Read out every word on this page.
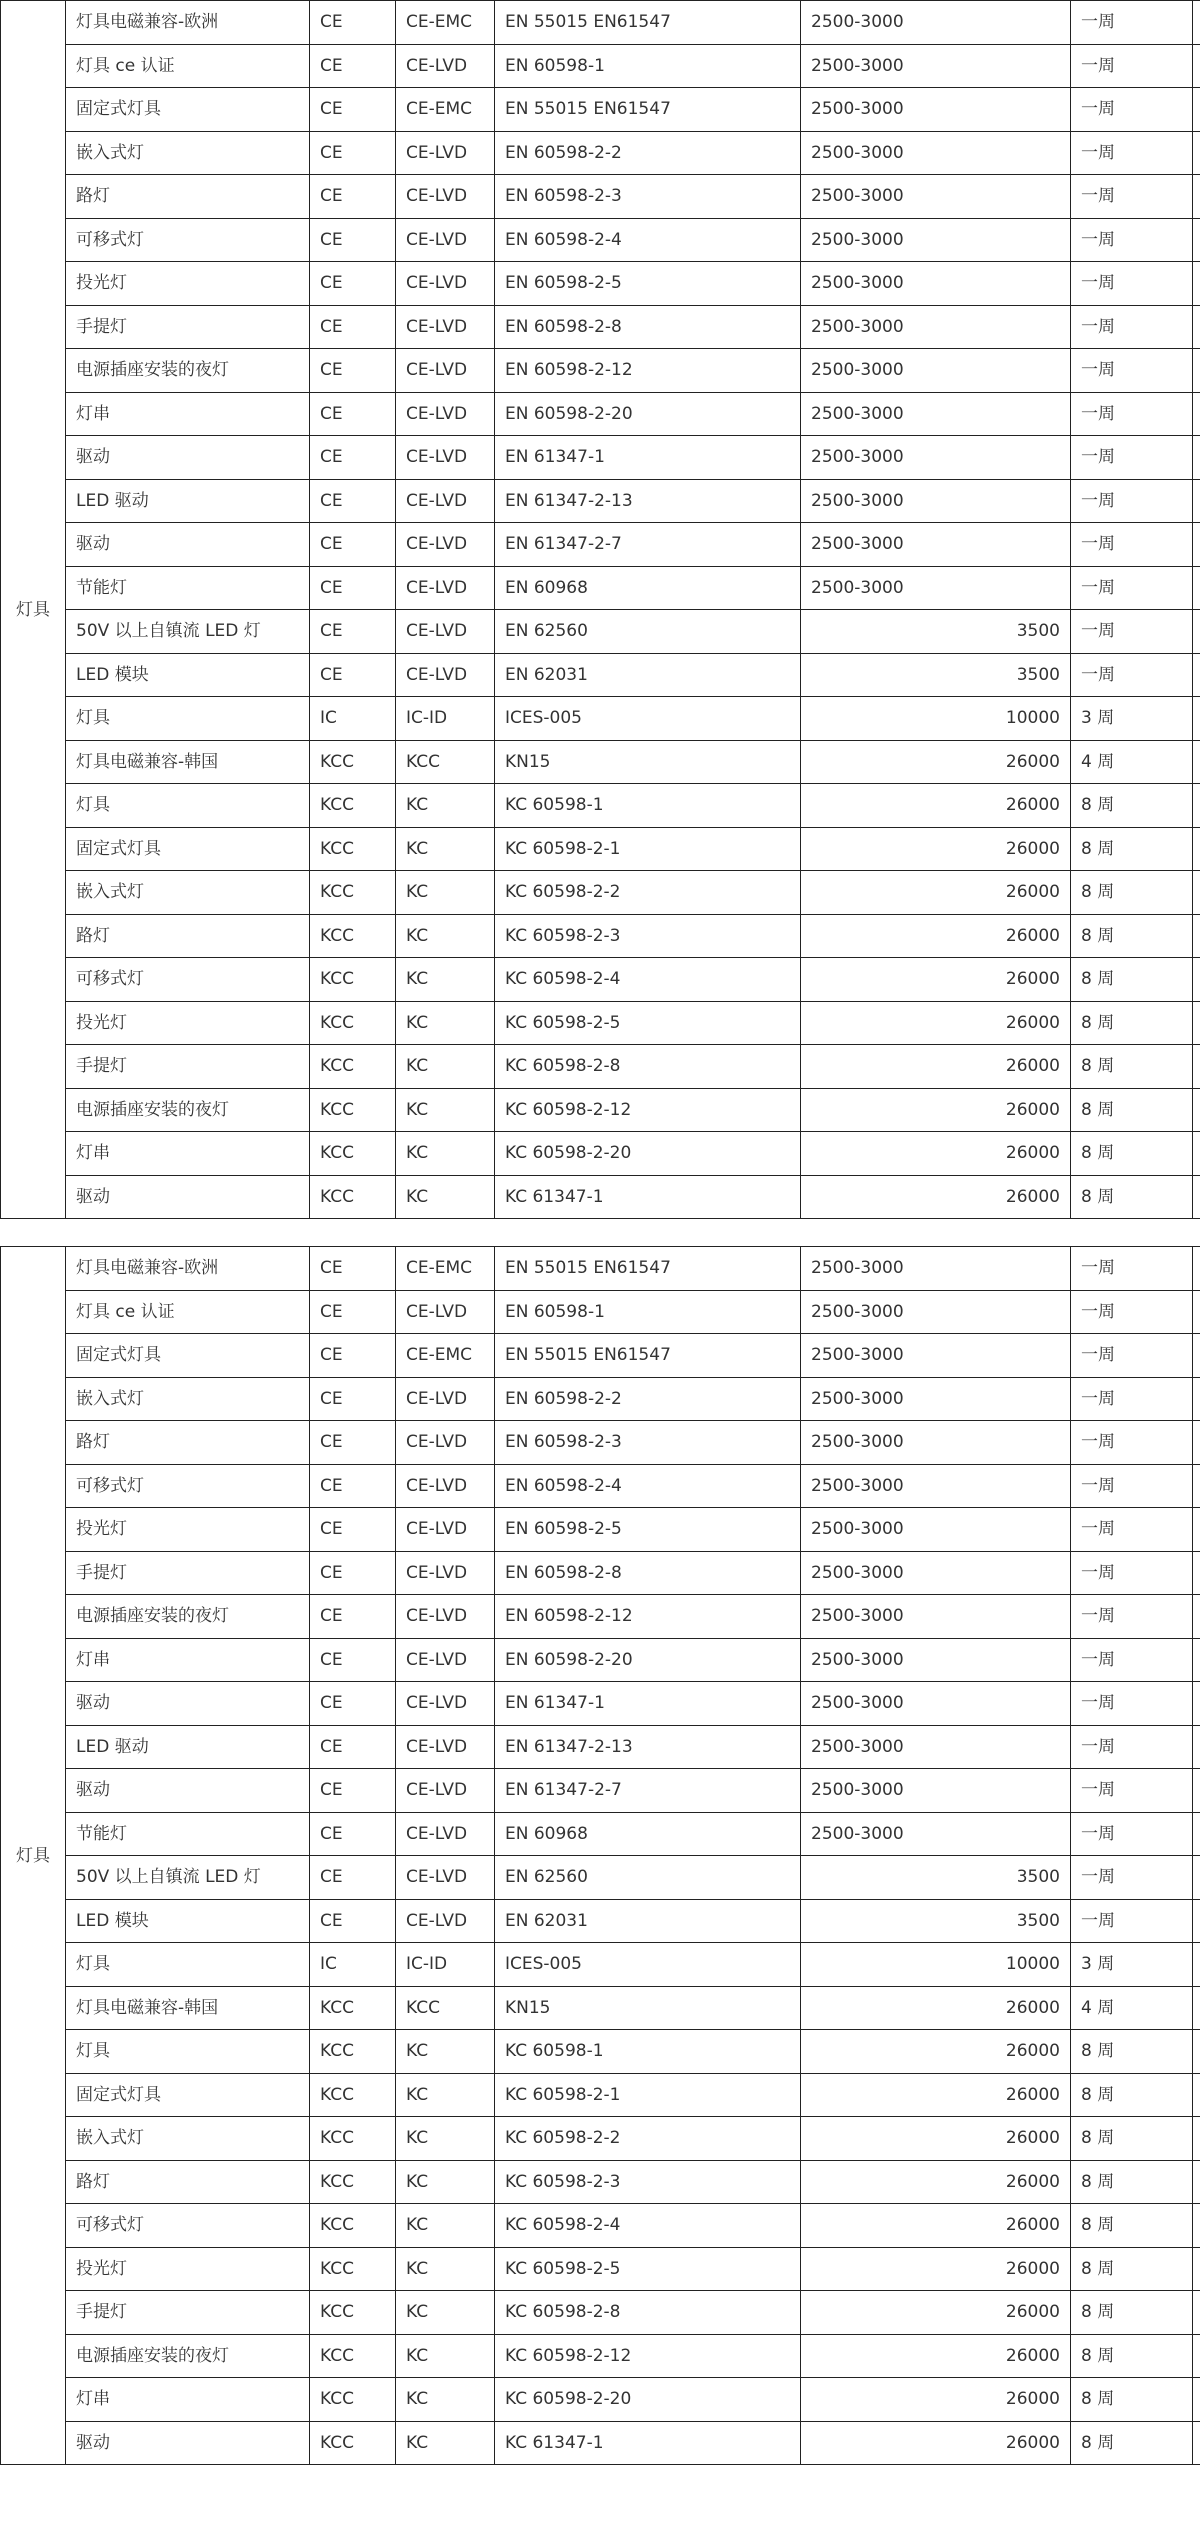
灯具	灯具电磁兼容-欧洲	CE	CE-EMC	EN 55015 EN61547	2500-3000	一周	
	灯具 ce 认证	CE	CE-LVD	EN 60598-1	2500-3000	一周	
	固定式灯具	CE	CE-EMC	EN 55015 EN61547	2500-3000	一周	
	嵌入式灯	CE	CE-LVD	EN 60598-2-2	2500-3000	一周	
	路灯	CE	CE-LVD	EN 60598-2-3	2500-3000	一周	
	可移式灯	CE	CE-LVD	EN 60598-2-4	2500-3000	一周	
	投光灯	CE	CE-LVD	EN 60598-2-5	2500-3000	一周	
	手提灯	CE	CE-LVD	EN 60598-2-8	2500-3000	一周	
	电源插座安装的夜灯	CE	CE-LVD	EN 60598-2-12	2500-3000	一周	
	灯串	CE	CE-LVD	EN 60598-2-20	2500-3000	一周	
	驱动	CE	CE-LVD	EN 61347-1	2500-3000	一周	
	LED 驱动	CE	CE-LVD	EN 61347-2-13	2500-3000	一周	
	驱动	CE	CE-LVD	EN 61347-2-7	2500-3000	一周	
	节能灯	CE	CE-LVD	EN 60968	2500-3000	一周	
	50V 以上自镇流 LED 灯	CE	CE-LVD	EN 62560	3500	一周	
	LED 模块	CE	CE-LVD	EN 62031	3500	一周	
	灯具	IC	IC-ID	ICES-005	10000	3 周	
	灯具电磁兼容-韩国	KCC	KCC	KN15	26000	4 周	
	灯具	KCC	KC	KC 60598-1	26000	8 周	
	固定式灯具	KCC	KC	KC 60598-2-1	26000	8 周	
	嵌入式灯	KCC	KC	KC 60598-2-2	26000	8 周	
	路灯	KCC	KC	KC 60598-2-3	26000	8 周	
	可移式灯	KCC	KC	KC 60598-2-4	26000	8 周	
	投光灯	KCC	KC	KC 60598-2-5	26000	8 周	
	手提灯	KCC	KC	KC 60598-2-8	26000	8 周	
	电源插座安装的夜灯	KCC	KC	KC 60598-2-12	26000	8 周	
	灯串	KCC	KC	KC 60598-2-20	26000	8 周	
	驱动	KCC	KC	KC 61347-1	26000	8 周	
灯具	灯具电磁兼容-欧洲	CE	CE-EMC	EN 55015 EN61547	2500-3000	一周	
	灯具 ce 认证	CE	CE-LVD	EN 60598-1	2500-3000	一周	
	固定式灯具	CE	CE-EMC	EN 55015 EN61547	2500-3000	一周	
	嵌入式灯	CE	CE-LVD	EN 60598-2-2	2500-3000	一周	
	路灯	CE	CE-LVD	EN 60598-2-3	2500-3000	一周	
	可移式灯	CE	CE-LVD	EN 60598-2-4	2500-3000	一周	
	投光灯	CE	CE-LVD	EN 60598-2-5	2500-3000	一周	
	手提灯	CE	CE-LVD	EN 60598-2-8	2500-3000	一周	
	电源插座安装的夜灯	CE	CE-LVD	EN 60598-2-12	2500-3000	一周	
	灯串	CE	CE-LVD	EN 60598-2-20	2500-3000	一周	
	驱动	CE	CE-LVD	EN 61347-1	2500-3000	一周	
	LED 驱动	CE	CE-LVD	EN 61347-2-13	2500-3000	一周	
	驱动	CE	CE-LVD	EN 61347-2-7	2500-3000	一周	
	节能灯	CE	CE-LVD	EN 60968	2500-3000	一周	
	50V 以上自镇流 LED 灯	CE	CE-LVD	EN 62560	3500	一周	
	LED 模块	CE	CE-LVD	EN 62031	3500	一周	
	灯具	IC	IC-ID	ICES-005	10000	3 周	
	灯具电磁兼容-韩国	KCC	KCC	KN15	26000	4 周	
	灯具	KCC	KC	KC 60598-1	26000	8 周	
	固定式灯具	KCC	KC	KC 60598-2-1	26000	8 周	
	嵌入式灯	KCC	KC	KC 60598-2-2	26000	8 周	
	路灯	KCC	KC	KC 60598-2-3	26000	8 周	
	可移式灯	KCC	KC	KC 60598-2-4	26000	8 周	
	投光灯	KCC	KC	KC 60598-2-5	26000	8 周	
	手提灯	KCC	KC	KC 60598-2-8	26000	8 周	
	电源插座安装的夜灯	KCC	KC	KC 60598-2-12	26000	8 周	
	灯串	KCC	KC	KC 60598-2-20	26000	8 周	
	驱动	KCC	KC	KC 61347-1	26000	8 周	
